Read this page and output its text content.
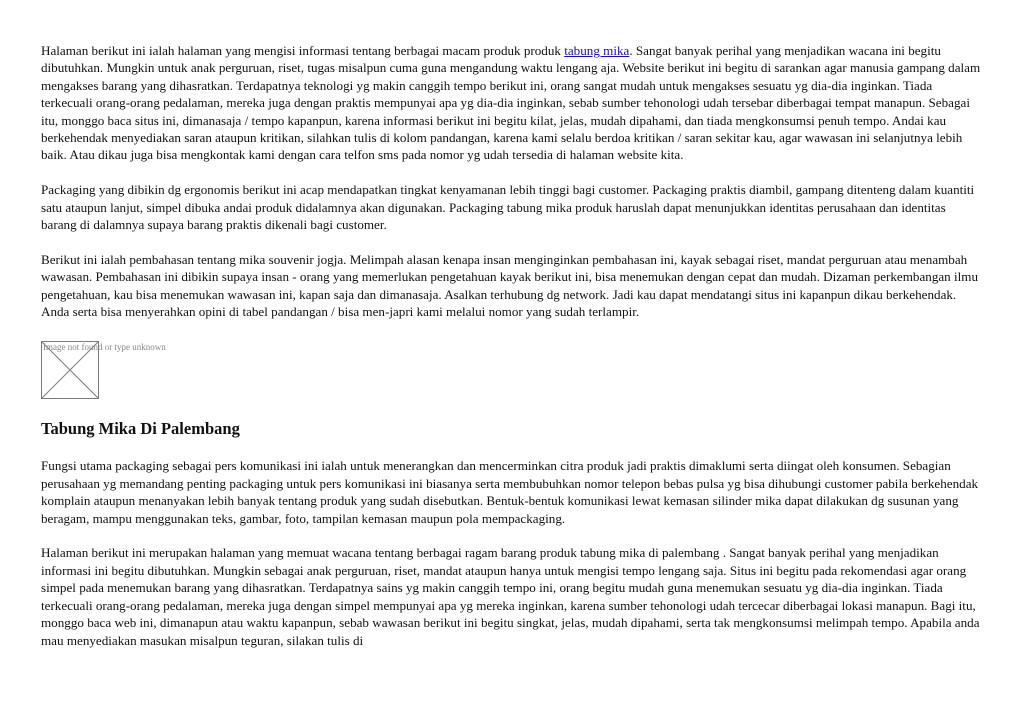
Halaman berikut ini ialah halaman yang mengisi informasi tentang berbagai macam produk produk tabung mika. Sangat banyak perihal yang menjadikan wacana ini begitu dibutuhkan. Mungkin untuk anak perguruan, riset, tugas misalpun cuma guna mengandung waktu lengang aja. Website berikut ini begitu di sarankan agar manusia gampang dalam mengakses barang yang dihasratkan. Terdapatnya teknologi yg makin canggih tempo berikut ini, orang sangat mudah untuk mengakses sesuatu yg dia-dia inginkan. Tiada terkecuali orang-orang pedalaman, mereka juga dengan praktis mempunyai apa yg dia-dia inginkan, sebab sumber tehonologi udah tersebar diberbagai tempat manapun. Sebagai itu, monggo baca situs ini, dimanasaja / tempo kapanpun, karena informasi berikut ini begitu kilat, jelas, mudah dipahami, dan tiada mengkonsumsi penuh tempo. Andai kau berkehendak menyediakan saran ataupun kritikan, silahkan tulis di kolom pandangan, karena kami selalu berdoa kritikan / saran sekitar kau, agar wawasan ini selanjutnya lebih baik. Atau dikau juga bisa mengkontak kami dengan cara telfon sms pada nomor yg udah tersedia di halaman website kita.

Packaging yang dibikin dg ergonomis berikut ini acap mendapatkan tingkat kenyamanan lebih tinggi bagi customer. Packaging praktis diambil, gampang ditenteng dalam kuantiti satu ataupun lanjut, simpel dibuka andai produk didalamnya akan digunakan. Packaging tabung mika produk haruslah dapat menunjukkan identitas perusahaan dan identitas barang di dalamnya supaya barang praktis dikenali bagi customer.

Berikut ini ialah pembahasan tentang mika souvenir jogja. Melimpah alasan kenapa insan menginginkan pembahasan ini, kayak sebagai riset, mandat perguruan atau menambah wawasan. Pembahasan ini dibikin supaya insan - orang yang memerlukan pengetahuan kayak berikut ini, bisa menemukan dengan cepat dan mudah. Dizaman perkembangan ilmu pengetahuan, kau bisa menemukan wawasan ini, kapan saja dan dimanasaja. Asalkan terhubung dg network. Jadi kau dapat mendatangi situs ini kapanpun dikau berkehendak. Anda serta bisa menyerahkan opini di tabel pandangan / bisa men-japri kami melalui nomor yang sudah terlampir.

Image not found or type unknown
Tabung Mika Di Palembang

Fungsi utama packaging sebagai pers komunikasi ini ialah untuk menerangkan dan mencerminkan citra produk jadi praktis dimaklumi serta diingat oleh konsumen. Sebagian perusahaan yg memandang penting packaging untuk pers komunikasi ini biasanya serta membubuhkan nomor telepon bebas pulsa yg bisa dihubungi customer pabila berkehendak komplain ataupun menanyakan lebih banyak tentang produk yang sudah disebutkan. Bentuk-bentuk komunikasi lewat kemasan silinder mika dapat dilakukan dg susunan yang beragam, mampu menggunakan teks, gambar, foto, tampilan kemasan maupun pola mempackaging.

Halaman berikut ini merupakan halaman yang memuat wacana tentang berbagai ragam barang produk tabung mika di palembang . Sangat banyak perihal yang menjadikan informasi ini begitu dibutuhkan. Mungkin sebagai anak perguruan, riset, mandat ataupun hanya untuk mengisi tempo lengang saja. Situs ini begitu pada rekomendasi agar orang simpel pada menemukan barang yang dihasratkan. Terdapatnya sains yg makin canggih tempo ini, orang begitu mudah guna menemukan sesuatu yg dia-dia inginkan. Tiada terkecuali orang-orang pedalaman, mereka juga dengan simpel mempunyai apa yg mereka inginkan, karena sumber tehonologi udah tercecar diberbagai lokasi manapun. Bagi itu, monggo baca web ini, dimanapun atau waktu kapanpun, sebab wawasan berikut ini begitu singkat, jelas, mudah dipahami, serta tak mengkonsumsi melimpah tempo. Apabila anda mau menyediakan masukan misalpun teguran, silakan tulis di
